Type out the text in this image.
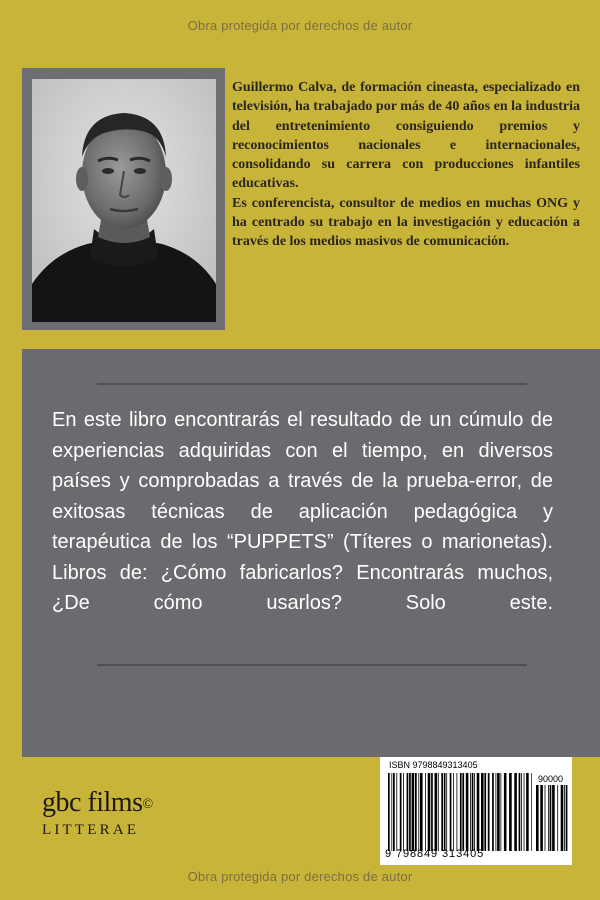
Obra protegida por derechos de autor

Guillermo Calva, de formación cineasta, especializado en televisión, ha trabajado por más de 40 años en la industria del entretenimiento consiguiendo premios y reconocimientos nacionales e internacionales, consolidando su carrera con producciones infantiles educativas.

Es conferencista, consultor de medios en muchas ONG y ha centrado su trabajo en la investigación y educación a través de los medios masivos de comunicación.

En este libro encontrarás el resultado de un cúmulo de experiencias adquiridas con el tiempo, en diversos países y comprobadas a través de la prueba-error, de exitosas técnicas de aplicación pedagógica y terapéutica de los “PUPPETS” (Títeres o marionetas). Libros de: ¿Cómo fabricarlos? Encontrarás muchos, ¿De cómo usarlos? Solo este.
gbc films©
LITTERAE
ISBN 9798849313405
90000
9 798849 313405
Obra protegida por derechos de autor
